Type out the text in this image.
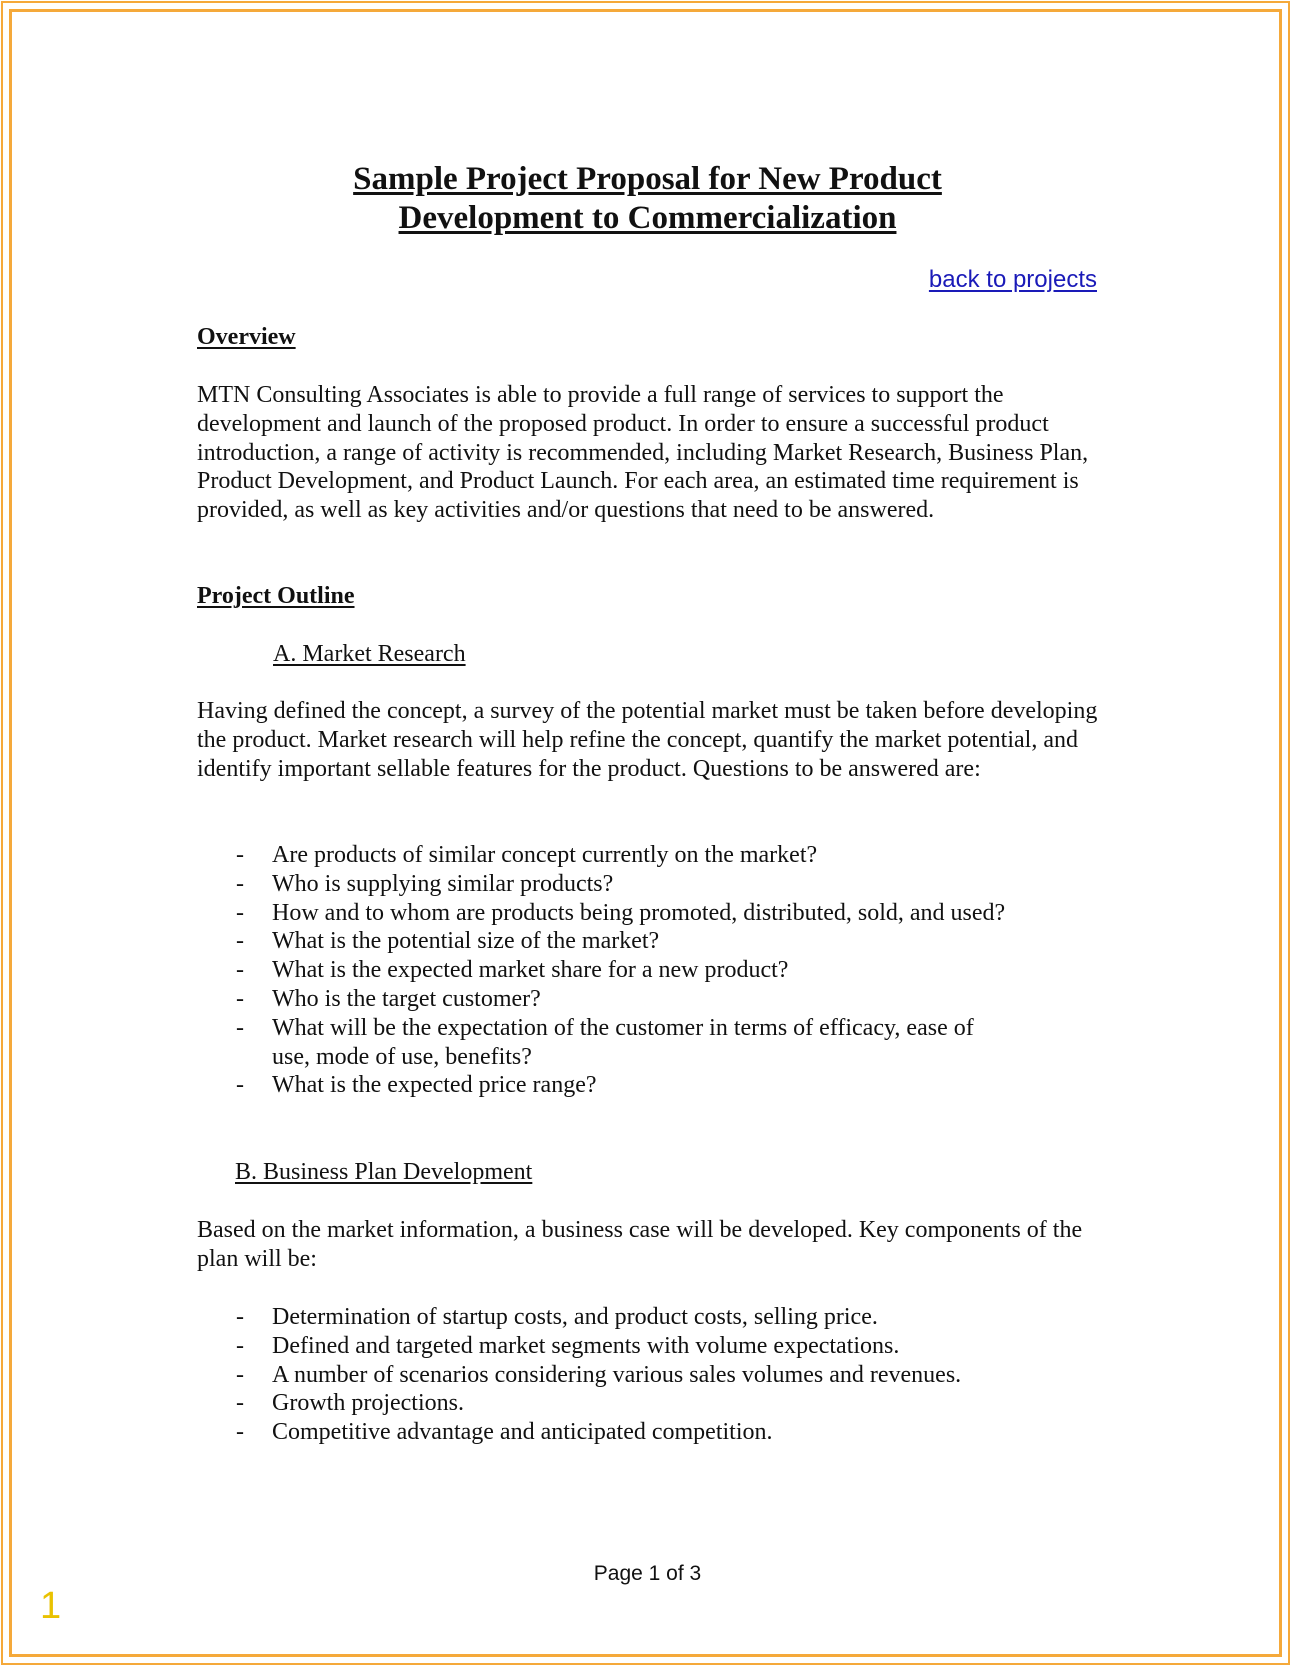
Sample Project Proposal for New Product
Development to Commercialization
back to projects
Overview

MTN Consulting Associates is able to provide a full range of services to support the development and launch of the proposed product. In order to ensure a successful product introduction, a range of activity is recommended, including Market Research, Business Plan, Product Development, and Product Launch. For each area, an estimated time requirement is provided, as well as key activities and/or questions that need to be answered.

Project Outline
A. Market Research

Having defined the concept, a survey of the potential market must be taken before developing the product. Market research will help refine the concept, quantify the market potential, and identify important sellable features for the product. Questions to be answered are:

- Are products of similar concept currently on the market?
- Who is supplying similar products?
- How and to whom are products being promoted, distributed, sold, and used?
- What is the potential size of the market?
- What is the expected market share for a new product?
- Who is the target customer?
- What will be the expectation of the customer in terms of efficacy, ease of use, mode of use, benefits?
- What is the expected price range?
B. Business Plan Development

Based on the market information, a business case will be developed. Key components of the plan will be:

- Determination of startup costs, and product costs, selling price.
- Defined and targeted market segments with volume expectations.
- A number of scenarios considering various sales volumes and revenues.
- Growth projections.
- Competitive advantage and anticipated competition.
Page 1 of 3
1
